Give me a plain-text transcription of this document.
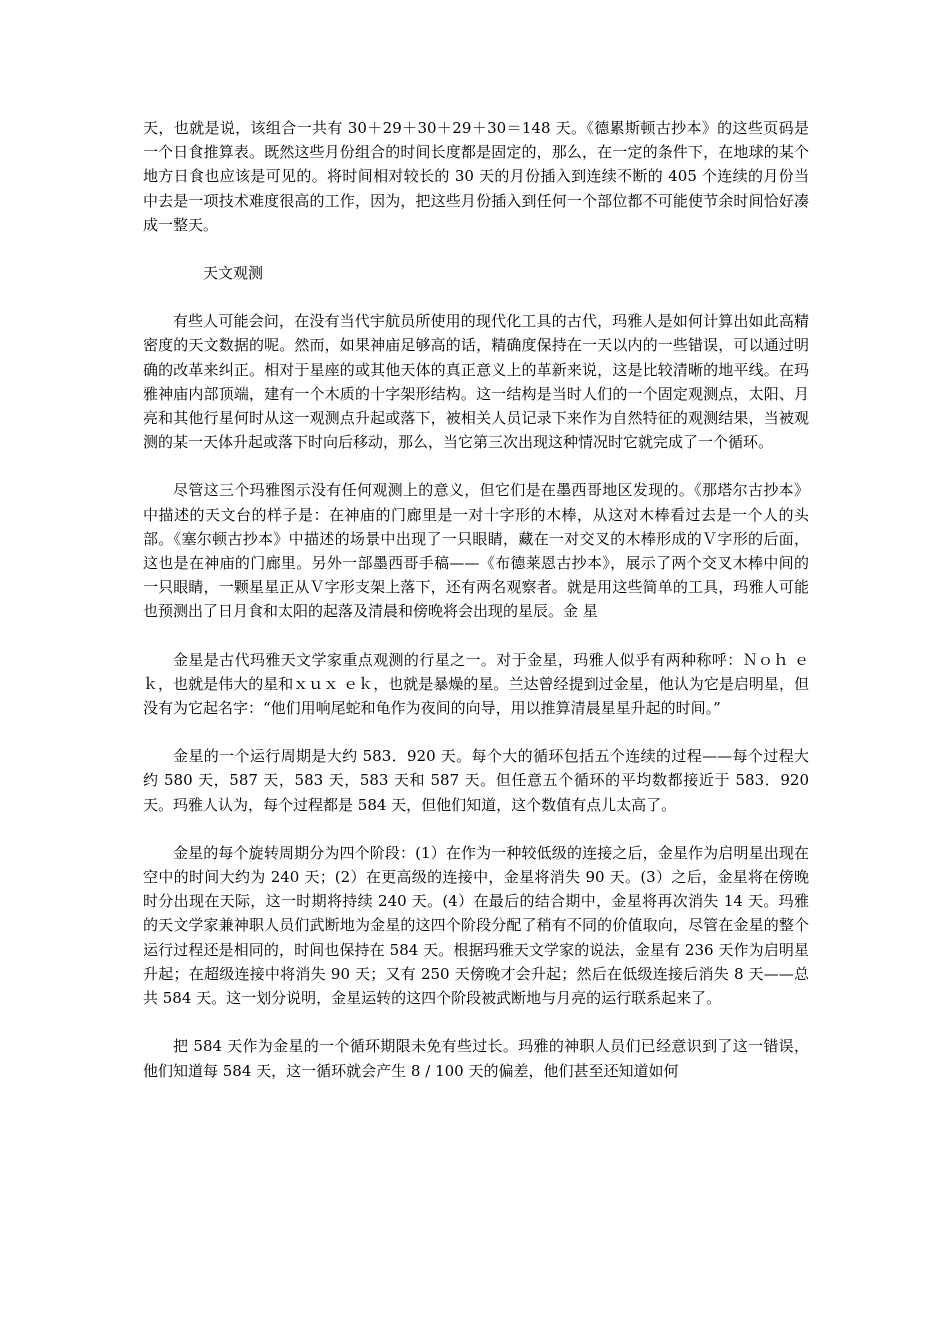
天，也就是说，该组合一共有 30＋29＋30＋29＋30＝148 天。《德累斯顿古抄本》的这些页码是一个日食推算表。既然这些月份组合的时间长度都是固定的，那么，在一定的条件下，在地球的某个地方日食也应该是可见的。将时间相对较长的 30 天的月份插入到连续不断的 405 个连续的月份当中去是一项技术难度很高的工作，因为，把这些月份插入到任何一个部位都不可能使节余时间恰好凑成一整天。

天文观测

有些人可能会问，在没有当代宇航员所使用的现代化工具的古代，玛雅人是如何计算出如此高精密度的天文数据的呢。然而，如果神庙足够高的话，精确度保持在一天以内的一些错误，可以通过明确的改革来纠正。相对于星座的或其他天体的真正意义上的革新来说，这是比较清晰的地平线。在玛雅神庙内部顶端，建有一个木质的十字架形结构。这一结构是当时人们的一个固定观测点，太阳、月亮和其他行星何时从这一观测点升起或落下，被相关人员记录下来作为自然特征的观测结果，当被观测的某一天体升起或落下时向后移动，那么，当它第三次出现这种情况时它就完成了一个循环。

尽管这三个玛雅图示没有任何观测上的意义，但它们是在墨西哥地区发现的。《那塔尔古抄本》中描述的天文台的样子是：在神庙的门廊里是一对十字形的木棒，从这对木棒看过去是一个人的头部。《塞尔顿古抄本》中描述的场景中出现了一只眼睛，藏在一对交叉的木棒形成的Ｖ字形的后面，这也是在神庙的门廊里。另外一部墨西哥手稿——《布德莱恩古抄本》，展示了两个交叉木棒中间的一只眼睛，一颗星星正从Ｖ字形支架上落下，还有两名观察者。就是用这些简单的工具，玛雅人可能也预测出了日月食和太阳的起落及清晨和傍晚将会出现的星辰。金 星

金星是古代玛雅天文学家重点观测的行星之一。对于金星，玛雅人似乎有两种称呼：Ｎｏｈ ｅｋ，也就是伟大的星和ｘｕｘ ｅｋ，也就是暴燥的星。兰达曾经提到过金星，他认为它是启明星，但没有为它起名字：“他们用响尾蛇和龟作为夜间的向导，用以推算清晨星星升起的时间。”

金星的一个运行周期是大约 583．920 天。每个大的循环包括五个连续的过程——每个过程大约 580 天，587 天，583 天，583 天和 587 天。但任意五个循环的平均数都接近于 583．920 天。玛雅人认为，每个过程都是 584 天，但他们知道，这个数值有点儿太高了。

金星的每个旋转周期分为四个阶段：(1）在作为一种较低级的连接之后，金星作为启明星出现在空中的时间大约为 240 天；(2）在更高级的连接中，金星将消失 90 天。(3）之后，金星将在傍晚时分出现在天际，这一时期将持续 240 天。(4）在最后的结合期中，金星将再次消失 14 天。玛雅的天文学家兼神职人员们武断地为金星的这四个阶段分配了稍有不同的价值取向，尽管在金星的整个运行过程还是相同的，时间也保持在 584 天。根据玛雅天文学家的说法，金星有 236 天作为启明星升起；在超级连接中将消失 90 天；又有 250 天傍晚才会升起；然后在低级连接后消失 8 天——总共 584 天。这一划分说明，金星运转的这四个阶段被武断地与月亮的运行联系起来了。

把 584 天作为金星的一个循环期限未免有些过长。玛雅的神职人员们已经意识到了这一错误，他们知道每 584 天，这一循环就会产生 8 / 100 天的偏差，他们甚至还知道如何
